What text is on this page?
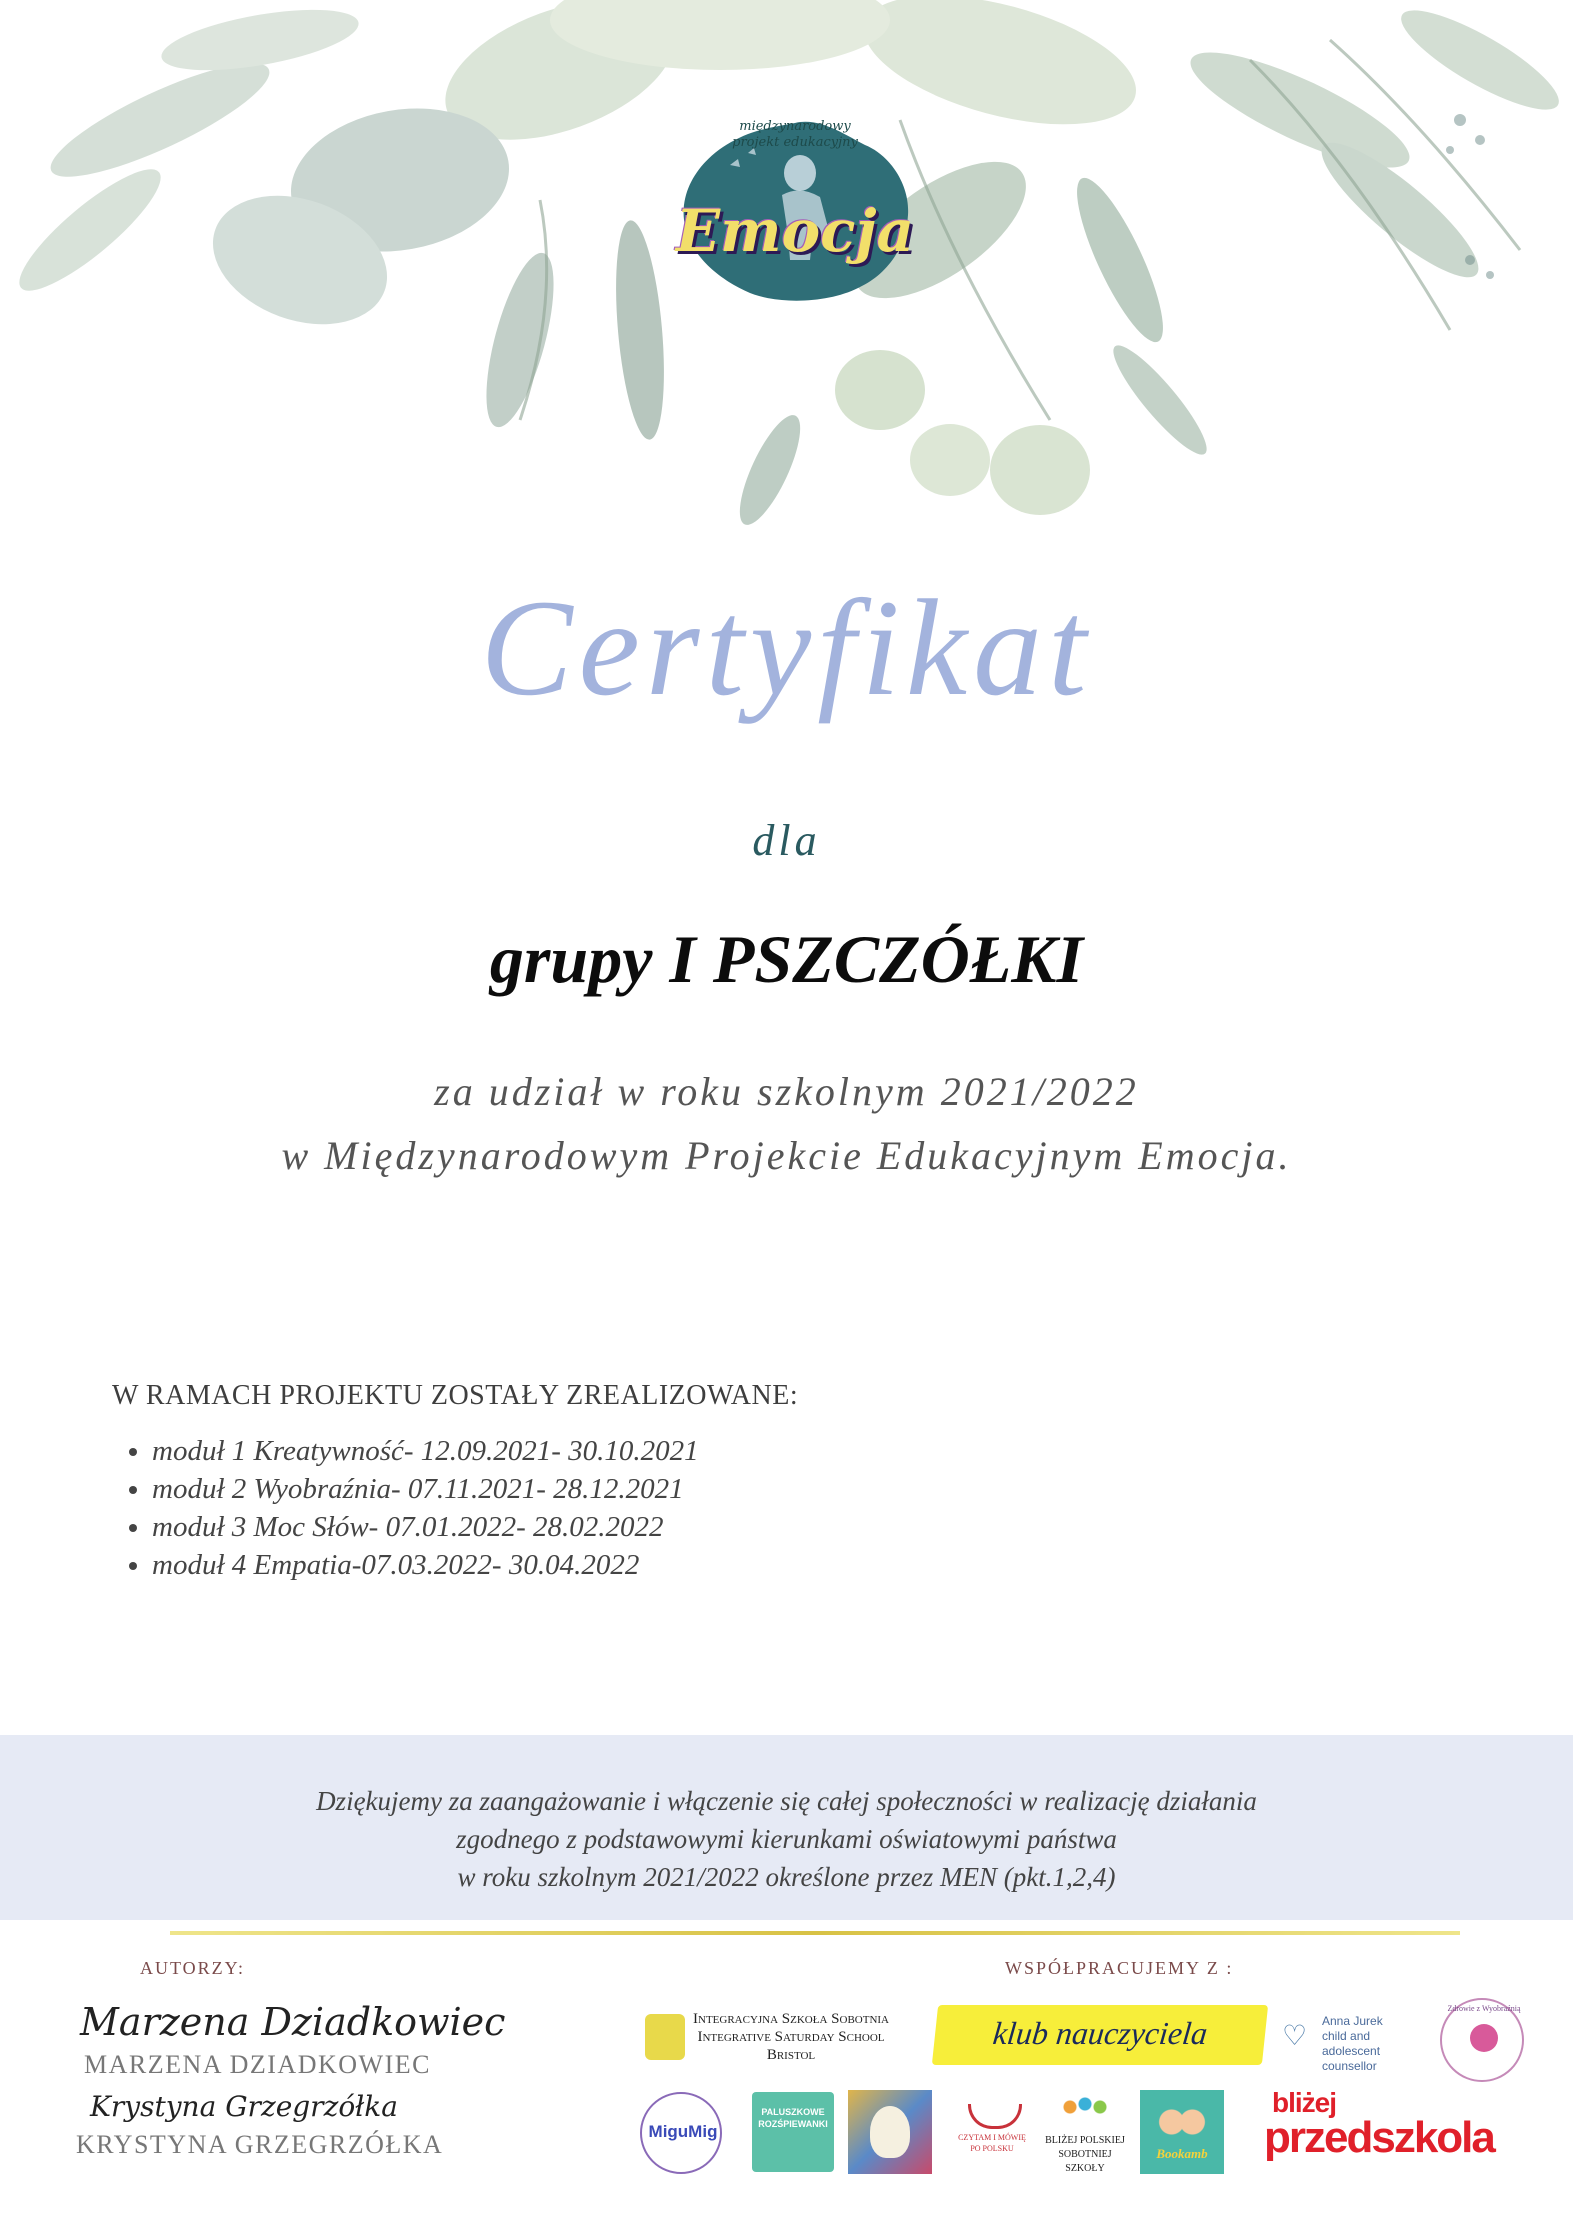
międzynarodowy
projekt edukacyjny
Emocja
Certyfikat
dla
grupy I PSZCZÓŁKI
za udział w roku szkolnym 2021/2022
w Międzynarodowym Projekcie Edukacyjnym Emocja.
W RAMACH PROJEKTU ZOSTAŁY ZREALIZOWANE:
• moduł 1 Kreatywność- 12.09.2021- 30.10.2021
• moduł 2 Wyobraźnia- 07.11.2021- 28.12.2021
• moduł 3 Moc Słów- 07.01.2022- 28.02.2022
• moduł 4 Empatia-07.03.2022- 30.04.2022
Dziękujemy za zaangażowanie i włączenie się całej społeczności w realizację działania
zgodnego z podstawowymi kierunkami oświatowymi państwa
w roku szkolnym 2021/2022 określone przez MEN (pkt.1,2,4)
AUTORZY:	WSPÓŁPRACUJEMY Z :
Marzena Dziadkowiec
MARZENA DZIADKOWIEC
Krystyna Grzegrzółka
KRYSTYNA GRZEGRZÓŁKA
Integracyjna Szkoła Sobotnia
Integrative Saturday School
Bristol
klub nauczyciela	♡ Anna Jurek
child and adolescent
counsellor
Zdrowie z Wyobraźnią
MiguMig
PALUSZKOWE
ROZŚPIEWANKI
CZYTAM I MÓWIĘ
PO POLSKU
BLIŻEJ POLSKIEJ
SOBOTNIEJ SZKOŁY
Bookamb
bliżej
przedszkola
